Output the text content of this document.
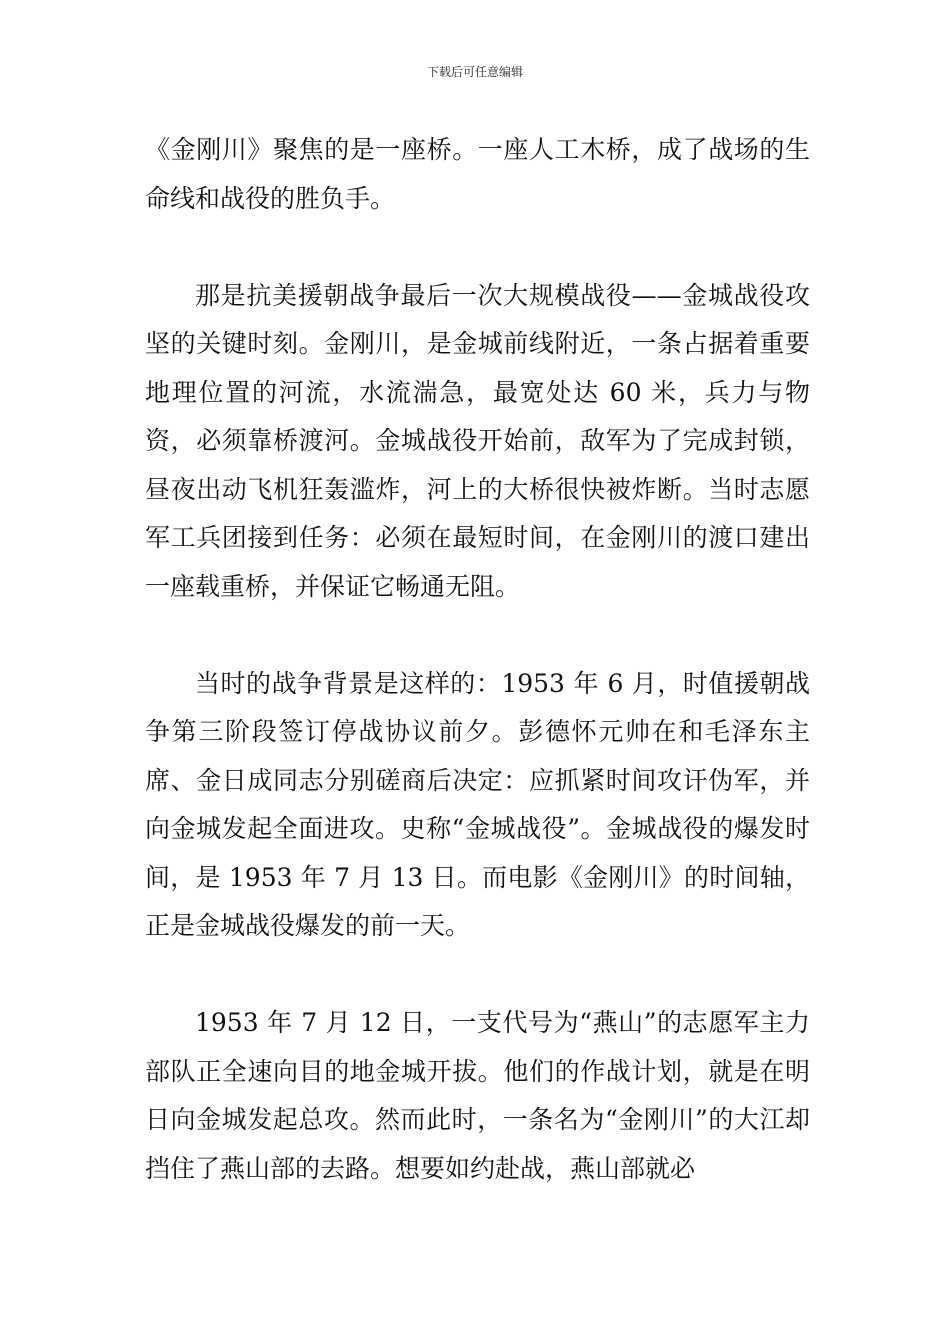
下载后可任意编辑

《金刚川》聚焦的是一座桥。一座人工木桥，成了战场的生命线和战役的胜负手。

那是抗美援朝战争最后一次大规模战役——金城战役攻坚的关键时刻。金刚川，是金城前线附近，一条占据着重要地理位置的河流，水流湍急，最宽处达 60 米，兵力与物资，必须靠桥渡河。金城战役开始前，敌军为了完成封锁，昼夜出动飞机狂轰滥炸，河上的大桥很快被炸断。当时志愿军工兵团接到任务：必须在最短时间，在金刚川的渡口建出一座载重桥，并保证它畅通无阻。

当时的战争背景是这样的：1953 年 6 月，时值援朝战争第三阶段签订停战协议前夕。彭德怀元帅在和毛泽东主席、金日成同志分别磋商后决定：应抓紧时间攻讦伪军，并向金城发起全面进攻。史称“金城战役”。金城战役的爆发时间，是 1953 年 7 月 13 日。而电影《金刚川》的时间轴，正是金城战役爆发的前一天。

1953 年 7 月 12 日，一支代号为“燕山”的志愿军主力部队正全速向目的地金城开拔。他们的作战计划，就是在明日向金城发起总攻。然而此时，一条名为“金刚川”的大江却挡住了燕山部的去路。想要如约赴战，燕山部就必
